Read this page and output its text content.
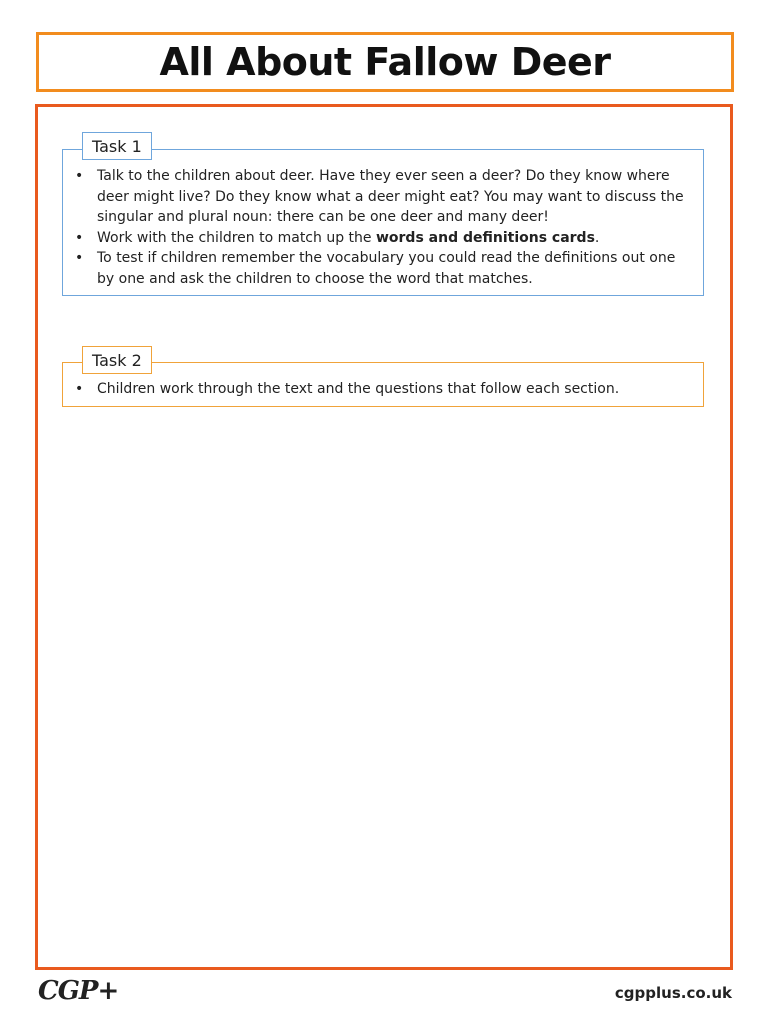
All About Fallow Deer
• Talk to the children about deer. Have they ever seen a deer? Do they know where deer might live? Do they know what a deer might eat? You may want to discuss the singular and plural noun: there can be one deer and many deer!
• Work with the children to match up the words and definitions cards.
• To test if children remember the vocabulary you could read the definitions out one by one and ask the children to choose the word that matches.
Task 1
• Children work through the text and the questions that follow each section.
Task 2
CGP+	cgpplus.co.uk
